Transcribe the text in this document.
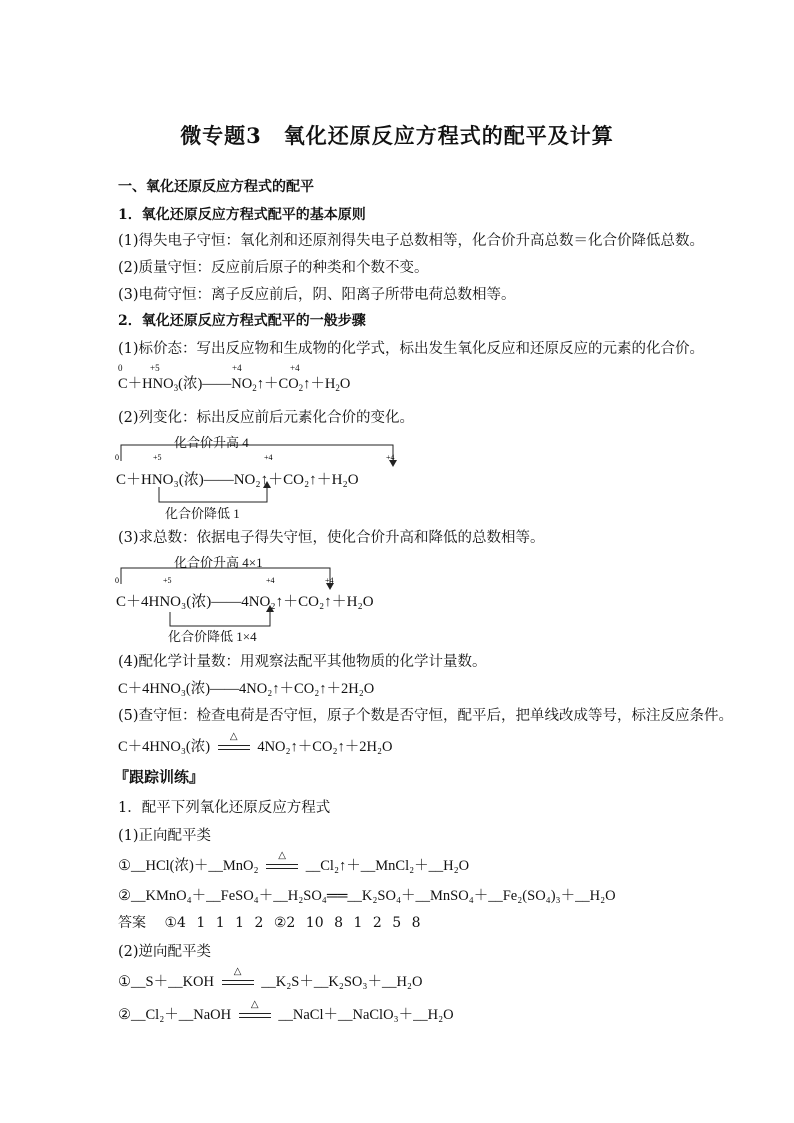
微专题3　氧化还原反应方程式的配平及计算
一、氧化还原反应方程式的配平
1．氧化还原反应方程式配平的基本原则
(1)得失电子守恒：氧化剂和还原剂得失电子总数相等，化合价升高总数＝化合价降低总数。
(2)质量守恒：反应前后原子的种类和个数不变。
(3)电荷守恒：离子反应前后，阴、阳离子所带电荷总数相等。
2．氧化还原反应方程式配平的一般步骤
(1)标价态：写出反应物和生成物的化学式，标出发生氧化反应和还原反应的元素的化合价。
0	+5	+4	+4
$C+HNO_3$(浓)$——NO_2↑+CO_2↑+H_2O$
(2)列变化：标出反应前后元素化合价的变化。
0	+5	+4	+4
化合价升高 4
C＋HNO₃(浓)——NO₂↑＋CO₂↑＋H₂O
化合价降低 1
(3)求总数：依据电子得失守恒，使化合价升高和降低的总数相等。
0	+5	+4	+4
化合价升高 4×1
C＋4HNO₃(浓)——4NO₂↑＋CO₂↑＋H₂O
化合价降低 1×4
(4)配化学计量数：用观察法配平其他物质的化学计量数。
C＋4HNO₃(浓)——4NO₂↑＋CO₂↑＋2H₂O
(5)查守恒：检查电荷是否守恒，原子个数是否守恒，配平后，把单线改成等号，标注反应条件。
C＋4HNO₃(浓)
△
4NO₂↑＋CO₂↑＋2H₂O
『跟踪训练』
1．配平下列氧化还原反应方程式
(1)正向配平类
①__HCl(浓)＋__MnO₂
△
__Cl₂↑＋__MnCl₂＋__H₂O
②__KMnO₄＋__FeSO₄＋__H₂SO₄══__K₂SO₄＋__MnSO₄＋__Fe₂(SO₄)₃＋__H₂O
答案 ①4 1 1 1 2 ②2 10 8 1 2 5 8
(2)逆向配平类
①__S＋__KOH
△
__K₂S＋__K₂SO₃＋__H₂O
②__Cl₂＋__NaOH
△
__NaCl＋__NaClO₃＋__H₂O
